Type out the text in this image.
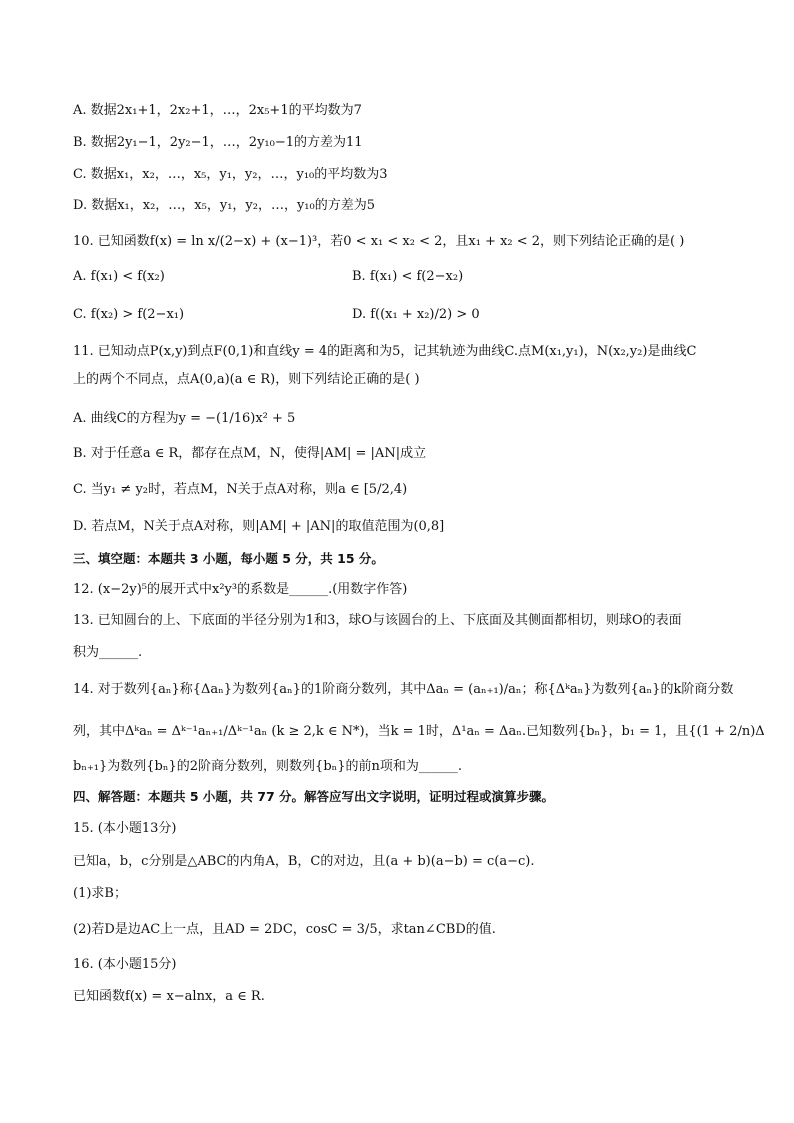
A. 数据2x₁+1，2x₂+1，…，2x₅+1的平均数为7
B. 数据2y₁−1，2y₂−1，…，2y₁₀−1的方差为11
C. 数据x₁，x₂，…，x₅，y₁，y₂，…，y₁₀的平均数为3
D. 数据x₁，x₂，…，x₅，y₁，y₂，…，y₁₀的方差为5
10. 已知函数f(x) = ln x/(2−x) + (x−1)³，若0 < x₁ < x₂ < 2，且x₁ + x₂ < 2，则下列结论正确的是( )
A. f(x₁) < f(x₂)	B. f(x₁) < f(2−x₂)
C. f(x₂) > f(2−x₁)	D. f((x₁ + x₂)/2) > 0
11. 已知动点P(x,y)到点F(0,1)和直线y = 4的距离和为5，记其轨迹为曲线C.点M(x₁,y₁)，N(x₂,y₂)是曲线C
上的两个不同点，点A(0,a)(a ∈ R)，则下列结论正确的是( )
A. 曲线C的方程为y = −(1/16)x² + 5
B. 对于任意a ∈ R，都存在点M，N，使得|AM| = |AN|成立
C. 当y₁ ≠ y₂时，若点M，N关于点A对称，则a ∈ [5/2,4)
D. 若点M，N关于点A对称，则|AM| + |AN|的取值范围为(0,8]
三、填空题：本题共 3 小题，每小题 5 分，共 15 分。
12. (x−2y)⁵的展开式中x²y³的系数是______.(用数字作答)
13. 已知圆台的上、下底面的半径分别为1和3，球O与该圆台的上、下底面及其侧面都相切，则球O的表面
积为______.
14. 对于数列{aₙ}称{Δaₙ}为数列{aₙ}的1阶商分数列，其中Δaₙ = (aₙ₊₁)/aₙ；称{Δᵏaₙ}为数列{aₙ}的k阶商分数
列，其中Δᵏaₙ = Δᵏ⁻¹aₙ₊₁/Δᵏ⁻¹aₙ (k ≥ 2,k ∈ N*)，当k = 1时，Δ¹aₙ = Δaₙ.已知数列{bₙ}，b₁ = 1，且{(1 + 2/n)Δ
bₙ₊₁}为数列{bₙ}的2阶商分数列，则数列{bₙ}的前n项和为______.
四、解答题：本题共 5 小题，共 77 分。解答应写出文字说明，证明过程或演算步骤。
15. (本小题13分)
已知a，b，c分别是△ABC的内角A，B，C的对边，且(a + b)(a−b) = c(a−c).
(1)求B；
(2)若D是边AC上一点，且AD = 2DC，cosC = 3/5，求tan∠CBD的值.
16. (本小题15分)
已知函数f(x) = x−alnx，a ∈ R.
